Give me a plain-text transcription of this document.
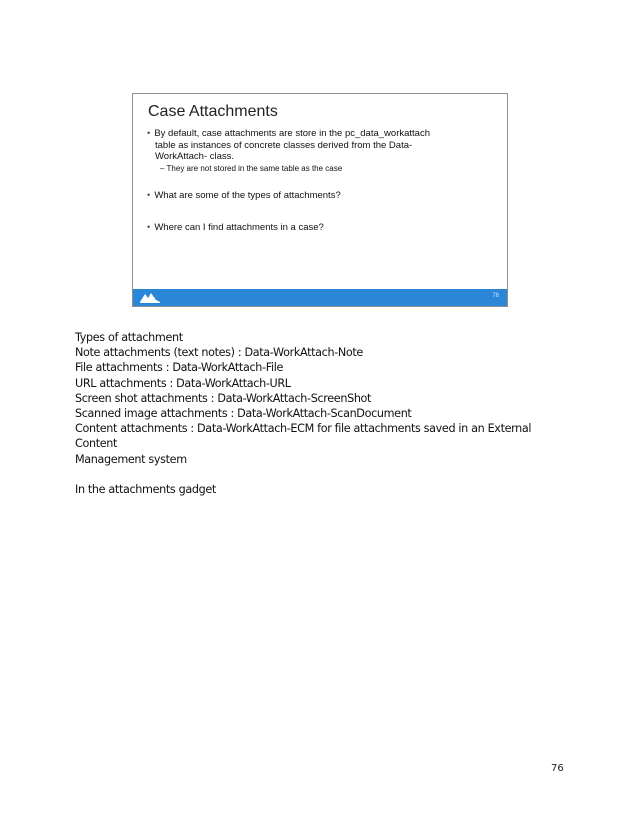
Case Attachments
• By default, case attachments are store in the pc_data_workattach
table as instances of concrete classes derived from the Data-
WorkAttach- class.
– They are not stored in the same table as the case
• What are some of the types of attachments?
• Where can I find attachments in a case?
76

Types of attachment

Note attachments (text notes) : Data-WorkAttach-Note

File attachments : Data-WorkAttach-File

URL attachments : Data-WorkAttach-URL

Screen shot attachments : Data-WorkAttach-ScreenShot

Scanned image attachments : Data-WorkAttach-ScanDocument

Content attachments : Data-WorkAttach-ECM for file attachments saved in an External Content

Management system

In the attachments gadget

76
